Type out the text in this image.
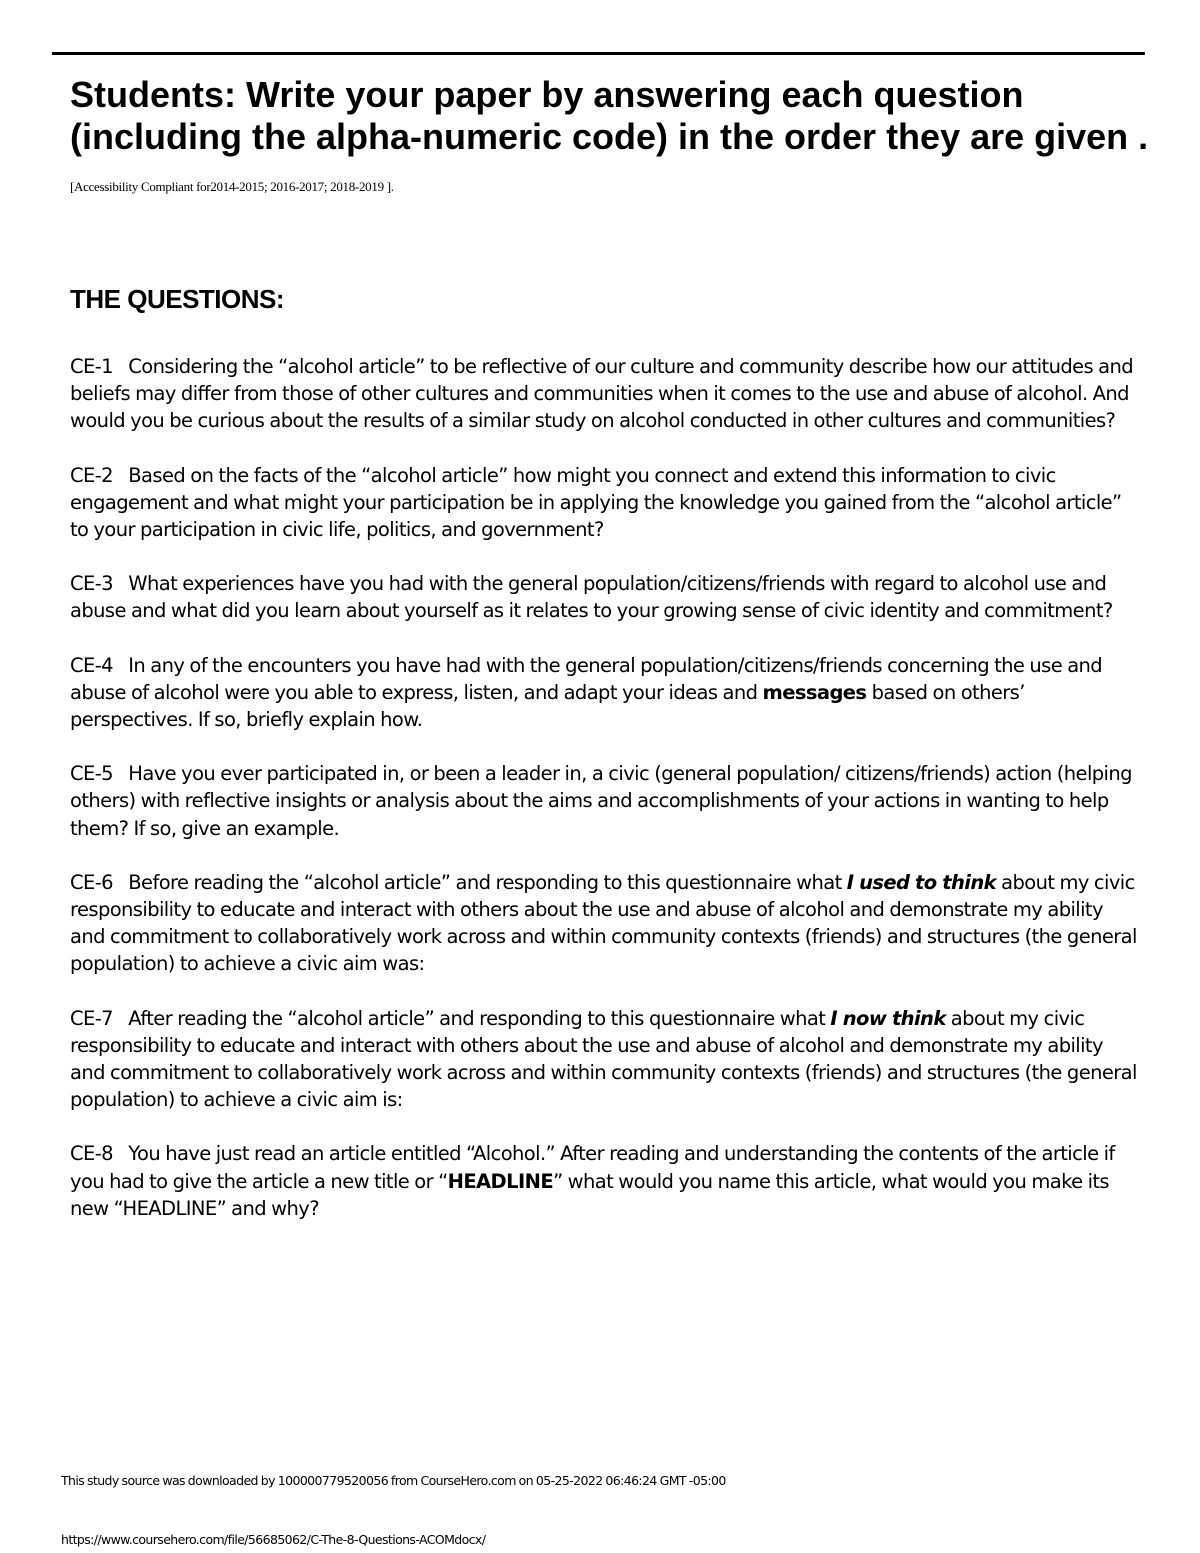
Students: Write your paper by answering each question (including the alpha-numeric code) in the order they are given . [Accessibility Compliant for2014-2015; 2016-2017; 2018-2019 ].
THE QUESTIONS:

CE-1 Considering the “alcohol article” to be reflective of our culture and community describe how our attitudes and beliefs may differ from those of other cultures and communities when it comes to the use and abuse of alcohol. And would you be curious about the results of a similar study on alcohol conducted in other cultures and communities?

CE-2 Based on the facts of the “alcohol article” how might you connect and extend this information to civic engagement and what might your participation be in applying the knowledge you gained from the “alcohol article” to your participation in civic life, politics, and government?

CE-3 What experiences have you had with the general population/citizens/friends with regard to alcohol use and abuse and what did you learn about yourself as it relates to your growing sense of civic identity and commitment?

CE-4 In any of the encounters you have had with the general population/citizens/friends concerning the use and abuse of alcohol were you able to express, listen, and adapt your ideas and messages based on others’ perspectives. If so, briefly explain how.

CE-5 Have you ever participated in, or been a leader in, a civic (general population/ citizens/friends) action (helping others) with reflective insights or analysis about the aims and accomplishments of your actions in wanting to help them? If so, give an example.

CE-6 Before reading the “alcohol article” and responding to this questionnaire what I used to think about my civic responsibility to educate and interact with others about the use and abuse of alcohol and demonstrate my ability and commitment to collaboratively work across and within community contexts (friends) and structures (the general population) to achieve a civic aim was:

CE-7 After reading the “alcohol article” and responding to this questionnaire what I now think about my civic responsibility to educate and interact with others about the use and abuse of alcohol and demonstrate my ability and commitment to collaboratively work across and within community contexts (friends) and structures (the general population) to achieve a civic aim is:

CE-8 You have just read an article entitled “Alcohol.” After reading and understanding the contents of the article if you had to give the article a new title or “HEADLINE” what would you name this article, what would you make its new “HEADLINE” and why?

This study source was downloaded by 100000779520056 from CourseHero.com on 05-25-2022 06:46:24 GMT -05:00
https://www.coursehero.com/file/56685062/C-The-8-Questions-ACOMdocx/
